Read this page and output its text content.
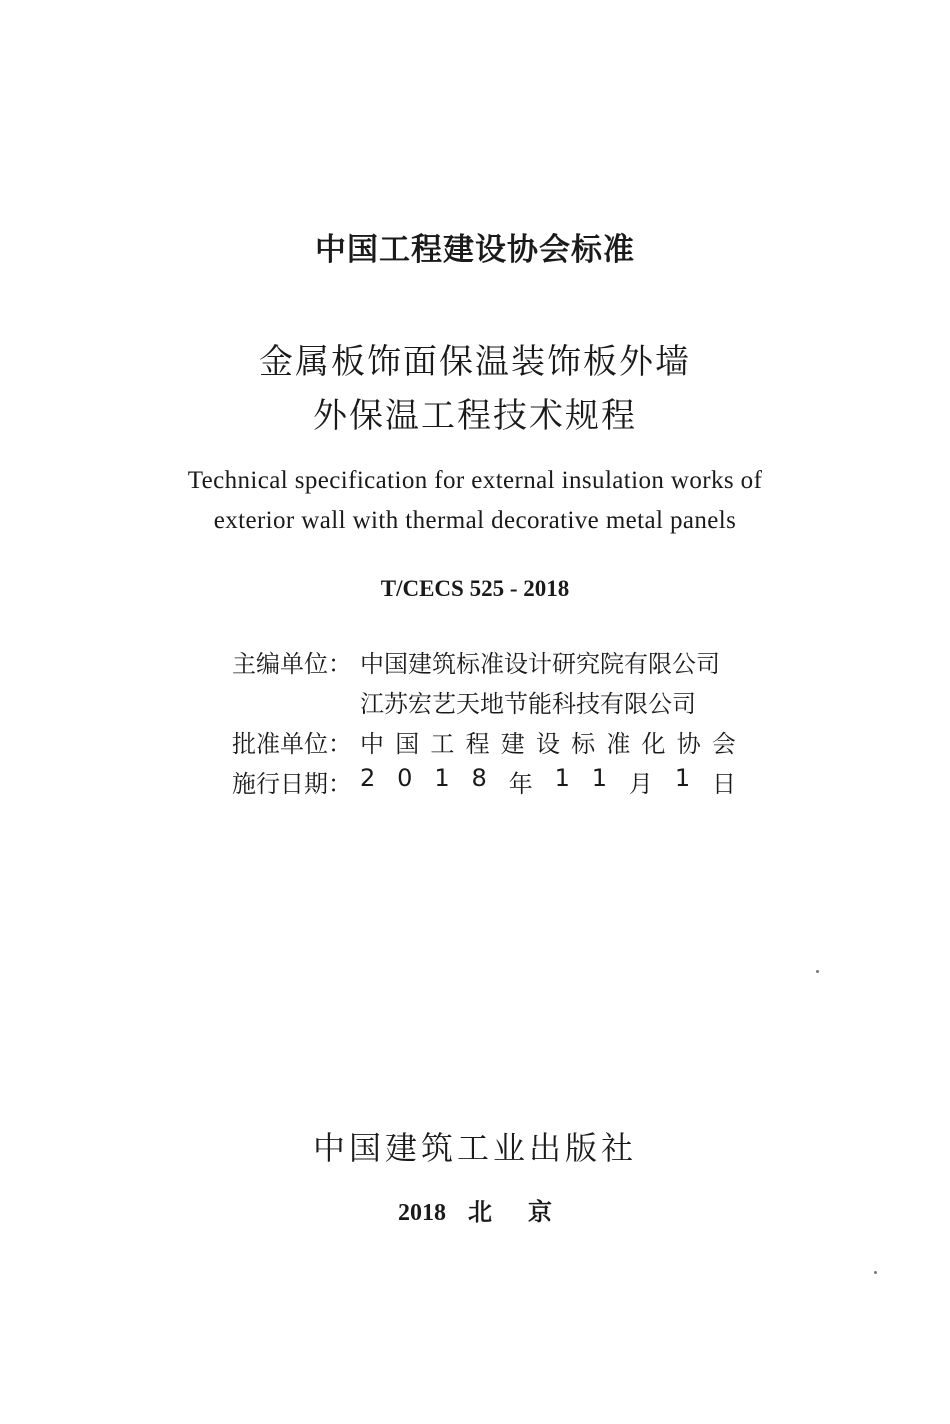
中国工程建设协会标准
金属板饰面保温装饰板外墙
外保温工程技术规程
Technical specification for external insulation works of
exterior wall with thermal decorative metal panels
T/CECS 525 - 2018
主编单位： 中国建筑标准设计研究院有限公司
江苏宏艺天地节能科技有限公司
批准单位： 中 国 工 程 建 设 标 准 化 协 会
施行日期： 2 0 1 8 年 1 1 月 1 日
中国建筑工业出版社
2018 北 京
